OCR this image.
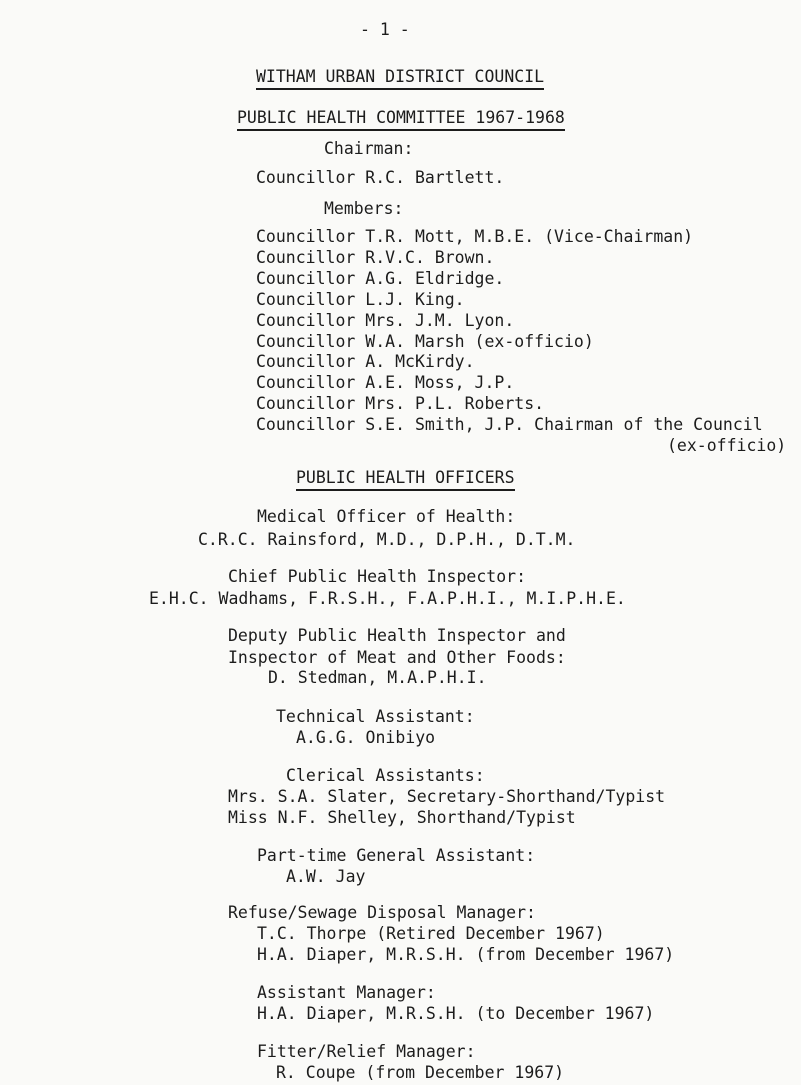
- 1 -
WITHAM URBAN DISTRICT COUNCIL
PUBLIC HEALTH COMMITTEE 1967-1968
Chairman:
Councillor R.C. Bartlett.
Members:
Councillor T.R. Mott, M.B.E. (Vice-Chairman)
Councillor R.V.C. Brown.
Councillor A.G. Eldridge.
Councillor L.J. King.
Councillor Mrs. J.M. Lyon.
Councillor W.A. Marsh (ex-officio)
Councillor A. McKirdy.
Councillor A.E. Moss, J.P.
Councillor Mrs. P.L. Roberts.
Councillor S.E. Smith, J.P. Chairman of the Council
(ex-officio)
PUBLIC HEALTH OFFICERS
Medical Officer of Health:
C.R.C. Rainsford, M.D., D.P.H., D.T.M.
Chief Public Health Inspector:
E.H.C. Wadhams, F.R.S.H., F.A.P.H.I., M.I.P.H.E.
Deputy Public Health Inspector and
Inspector of Meat and Other Foods:
D. Stedman, M.A.P.H.I.
Technical Assistant:
A.G.G. Onibiyo
Clerical Assistants:
Mrs. S.A. Slater, Secretary-Shorthand/Typist
Miss N.F. Shelley, Shorthand/Typist
Part-time General Assistant:
A.W. Jay
Refuse/Sewage Disposal Manager:
T.C. Thorpe (Retired December 1967)
H.A. Diaper, M.R.S.H. (from December 1967)
Assistant Manager:
H.A. Diaper, M.R.S.H. (to December 1967)
Fitter/Relief Manager:
R. Coupe (from December 1967)
